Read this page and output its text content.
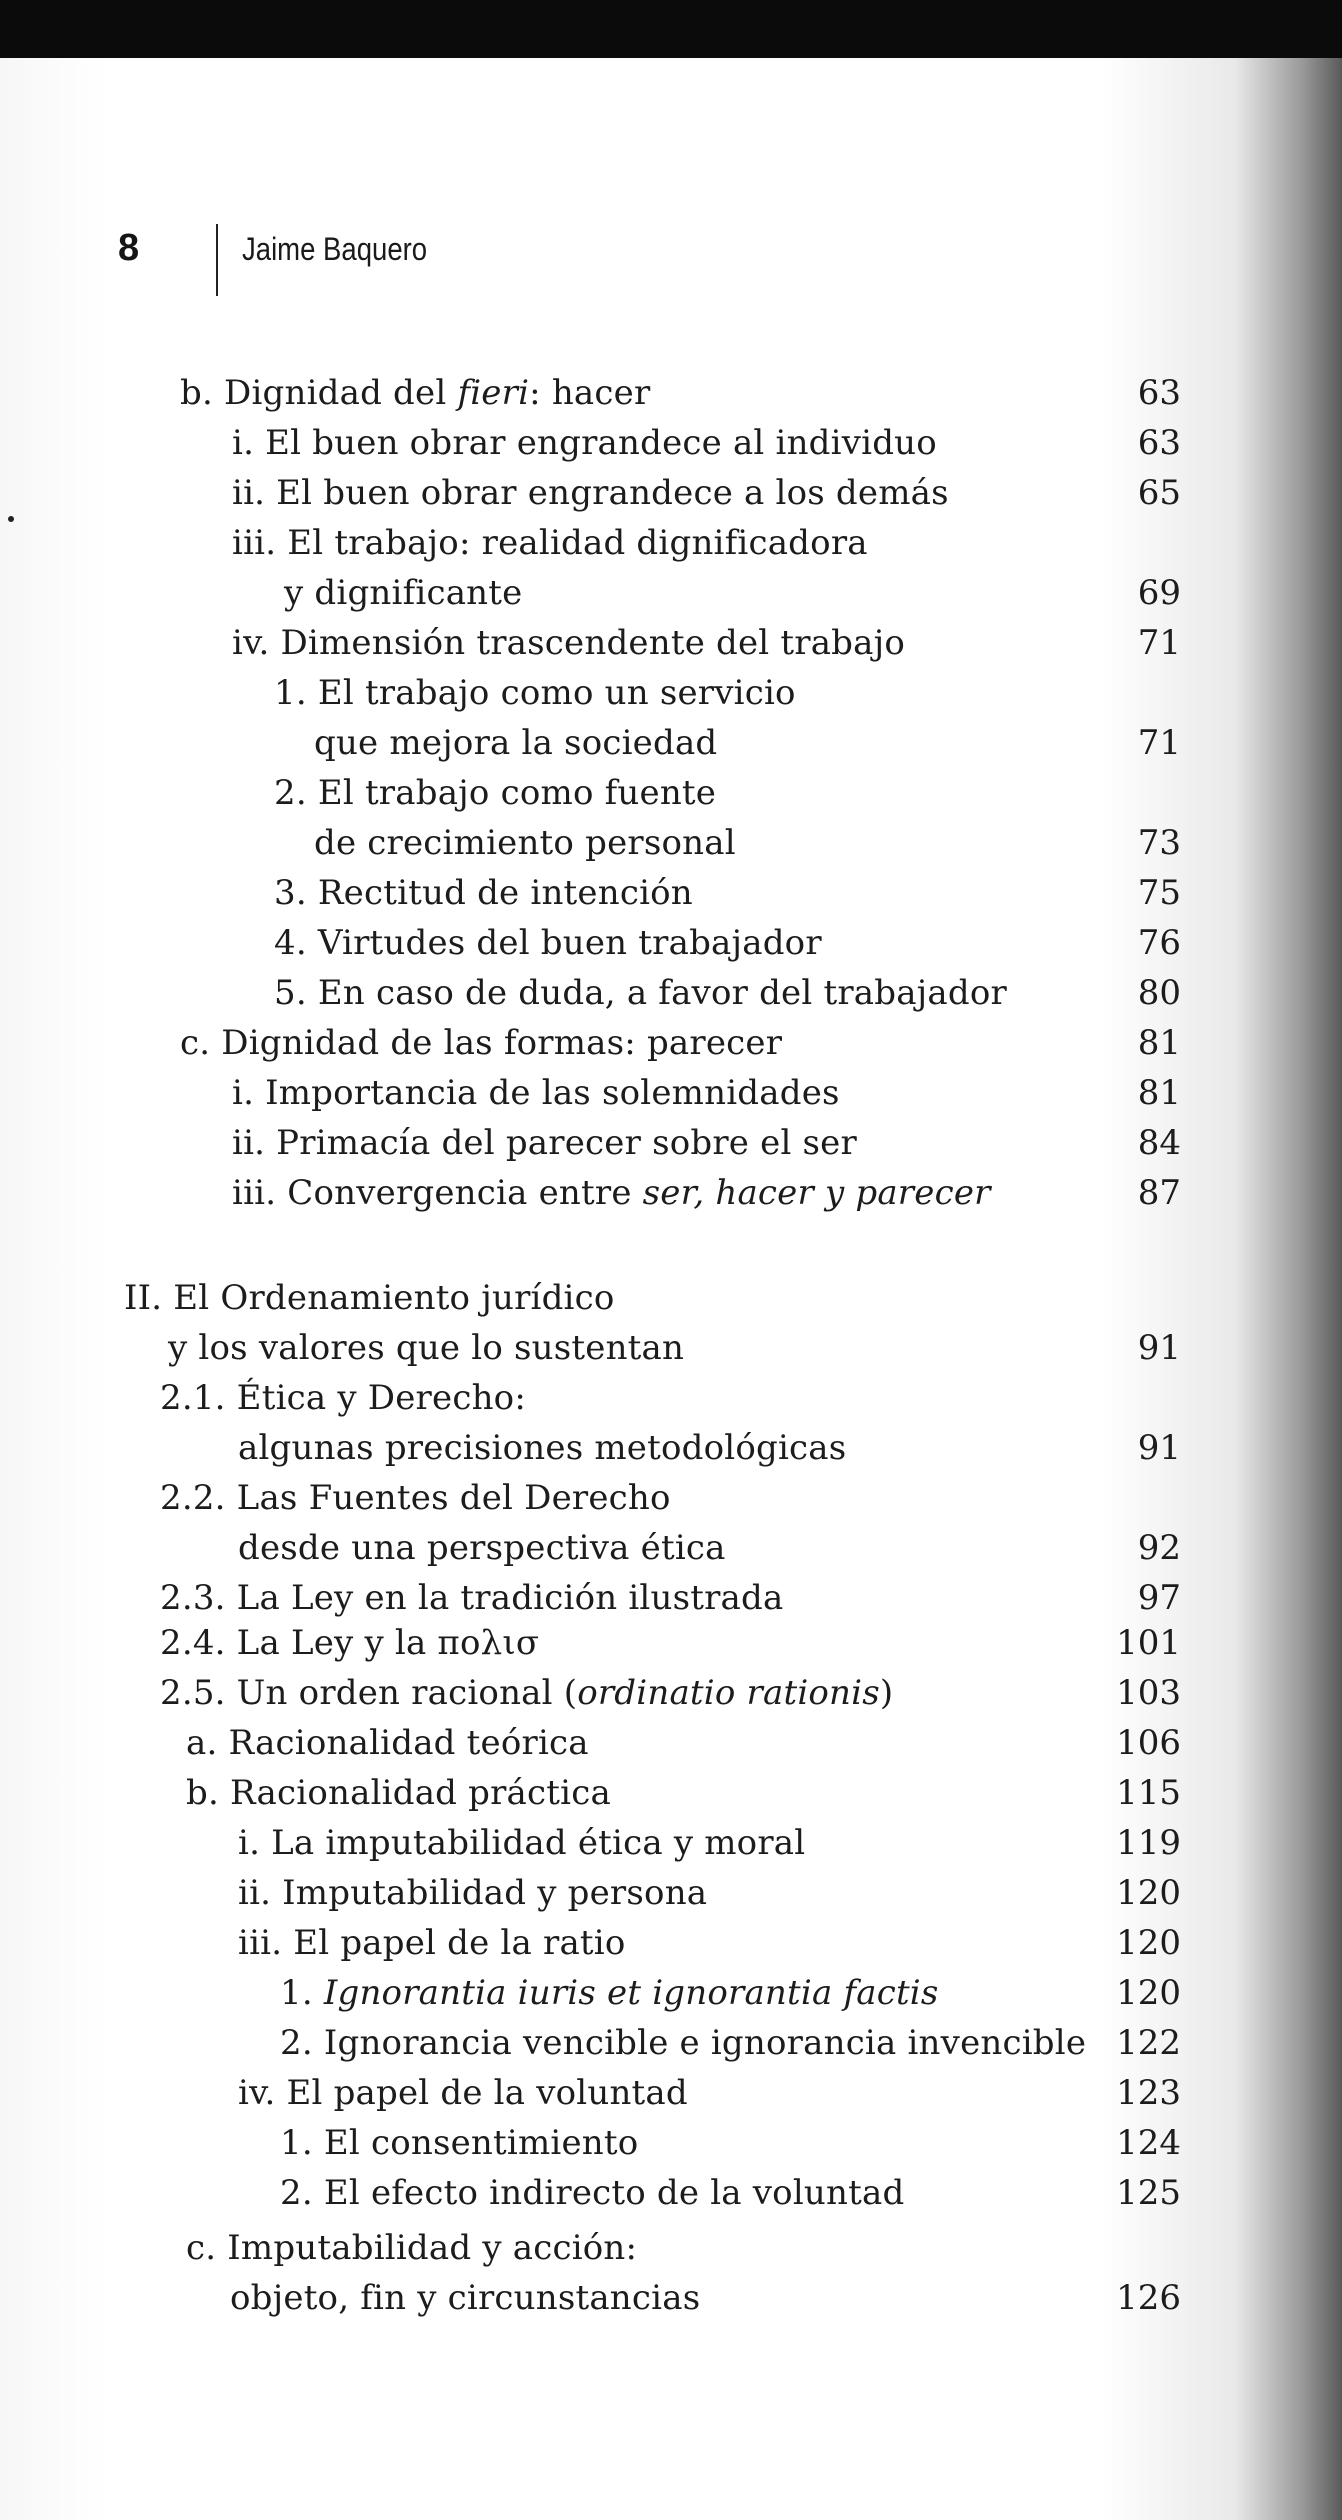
8	Jaime Baquero
b. Dignidad del fieri: hacer	63
i. El buen obrar engrandece al individuo	63
ii. El buen obrar engrandece a los demás	65
iii. El trabajo: realidad dignificadora
y dignificante	69
iv. Dimensión trascendente del trabajo	71
1. El trabajo como un servicio
que mejora la sociedad	71
2. El trabajo como fuente
de crecimiento personal	73
3. Rectitud de intención	75
4. Virtudes del buen trabajador	76
5. En caso de duda, a favor del trabajador	80
c. Dignidad de las formas: parecer	81
i. Importancia de las solemnidades	81
ii. Primacía del parecer sobre el ser	84
iii. Convergencia entre ser, hacer y parecer	87
II. El Ordenamiento jurídico
y los valores que lo sustentan	91
2.1. Ética y Derecho:
algunas precisiones metodológicas	91
2.2. Las Fuentes del Derecho
desde una perspectiva ética	92
2.3. La Ley en la tradición ilustrada	97
2.4. La Ley y la πολισ	101
2.5. Un orden racional (ordinatio rationis)	103
a. Racionalidad teórica	106
b. Racionalidad práctica	115
i. La imputabilidad ética y moral	119
ii. Imputabilidad y persona	120
iii. El papel de la ratio	120
1. Ignorantia iuris et ignorantia factis	120
2. Ignorancia vencible e ignorancia invencible 122
iv. El papel de la voluntad	123
1. El consentimiento	124
2. El efecto indirecto de la voluntad	125
c. Imputabilidad y acción:
objeto, fin y circunstancias	126
